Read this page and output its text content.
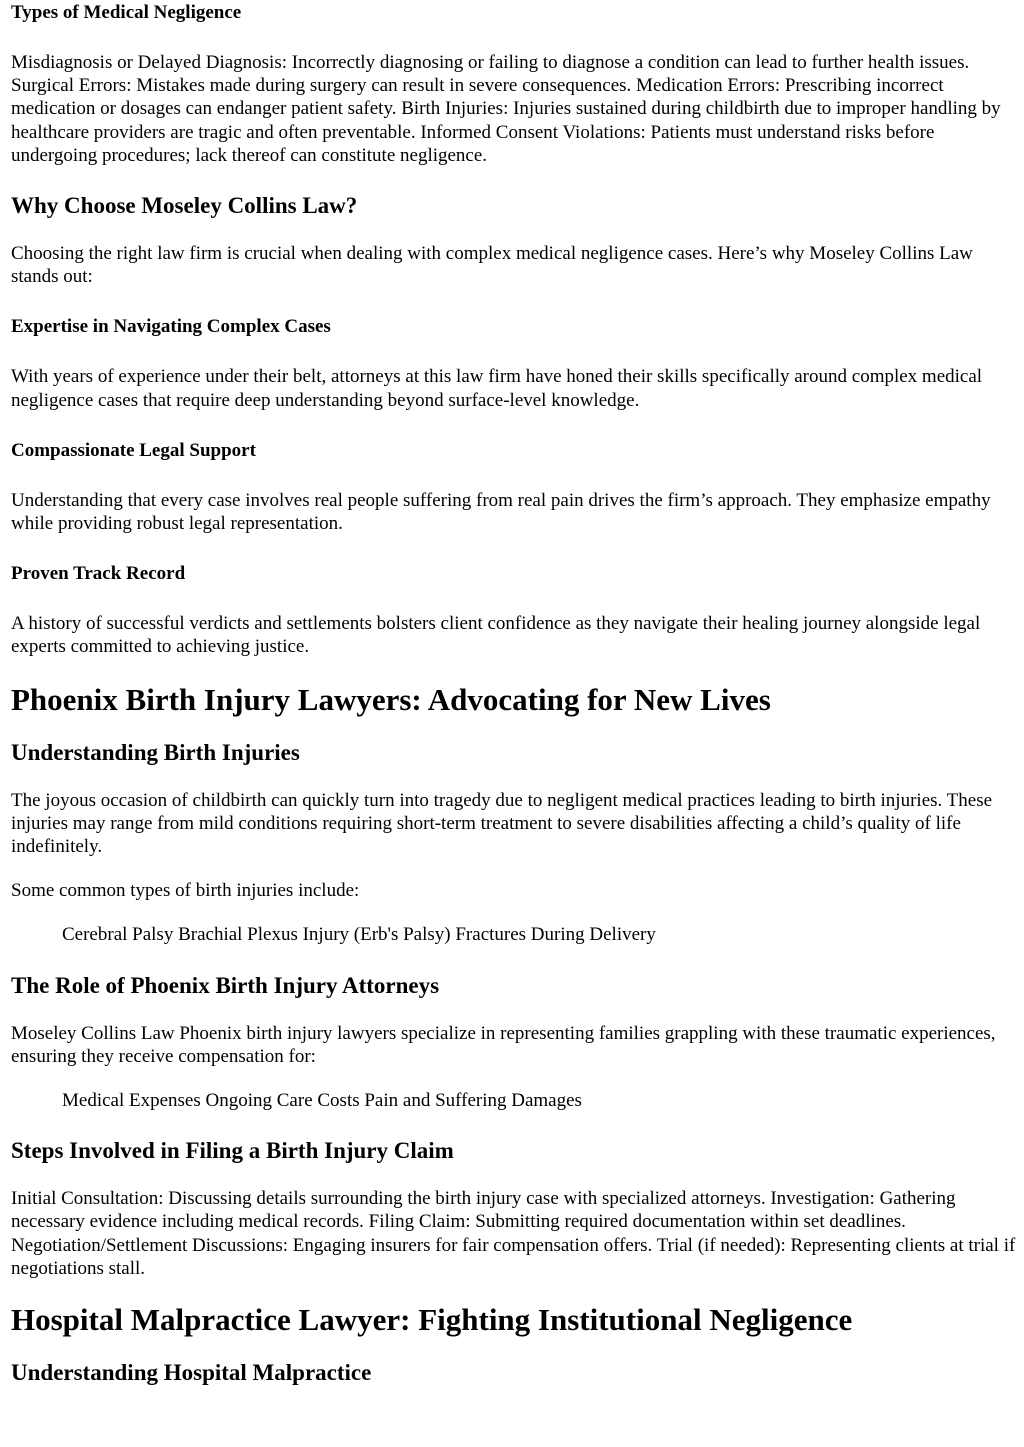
Types of Medical Negligence

Misdiagnosis or Delayed Diagnosis: Incorrectly diagnosing or failing to diagnose a condition can lead to further health issues. Surgical Errors: Mistakes made during surgery can result in severe consequences. Medication Errors: Prescribing incorrect medication or dosages can endanger patient safety. Birth Injuries: Injuries sustained during childbirth due to improper handling by healthcare providers are tragic and often preventable. Informed Consent Violations: Patients must understand risks before undergoing procedures; lack thereof can constitute negligence.

Why Choose Moseley Collins Law?

Choosing the right law firm is crucial when dealing with complex medical negligence cases. Here’s why Moseley Collins Law stands out:

Expertise in Navigating Complex Cases

With years of experience under their belt, attorneys at this law firm have honed their skills specifically around complex medical negligence cases that require deep understanding beyond surface-level knowledge.

Compassionate Legal Support

Understanding that every case involves real people suffering from real pain drives the firm’s approach. They emphasize empathy while providing robust legal representation.

Proven Track Record

A history of successful verdicts and settlements bolsters client confidence as they navigate their healing journey alongside legal experts committed to achieving justice.

Phoenix Birth Injury Lawyers: Advocating for New Lives
Understanding Birth Injuries

The joyous occasion of childbirth can quickly turn into tragedy due to negligent medical practices leading to birth injuries. These injuries may range from mild conditions requiring short-term treatment to severe disabilities affecting a child’s quality of life indefinitely.

Some common types of birth injuries include:

Cerebral Palsy Brachial Plexus Injury (Erb's Palsy) Fractures During Delivery
The Role of Phoenix Birth Injury Attorneys

Moseley Collins Law Phoenix birth injury lawyers specialize in representing families grappling with these traumatic experiences, ensuring they receive compensation for:

Medical Expenses Ongoing Care Costs Pain and Suffering Damages
Steps Involved in Filing a Birth Injury Claim

Initial Consultation: Discussing details surrounding the birth injury case with specialized attorneys. Investigation: Gathering necessary evidence including medical records. Filing Claim: Submitting required documentation within set deadlines. Negotiation/Settlement Discussions: Engaging insurers for fair compensation offers. Trial (if needed): Representing clients at trial if negotiations stall.

Hospital Malpractice Lawyer: Fighting Institutional Negligence
Understanding Hospital Malpractice
